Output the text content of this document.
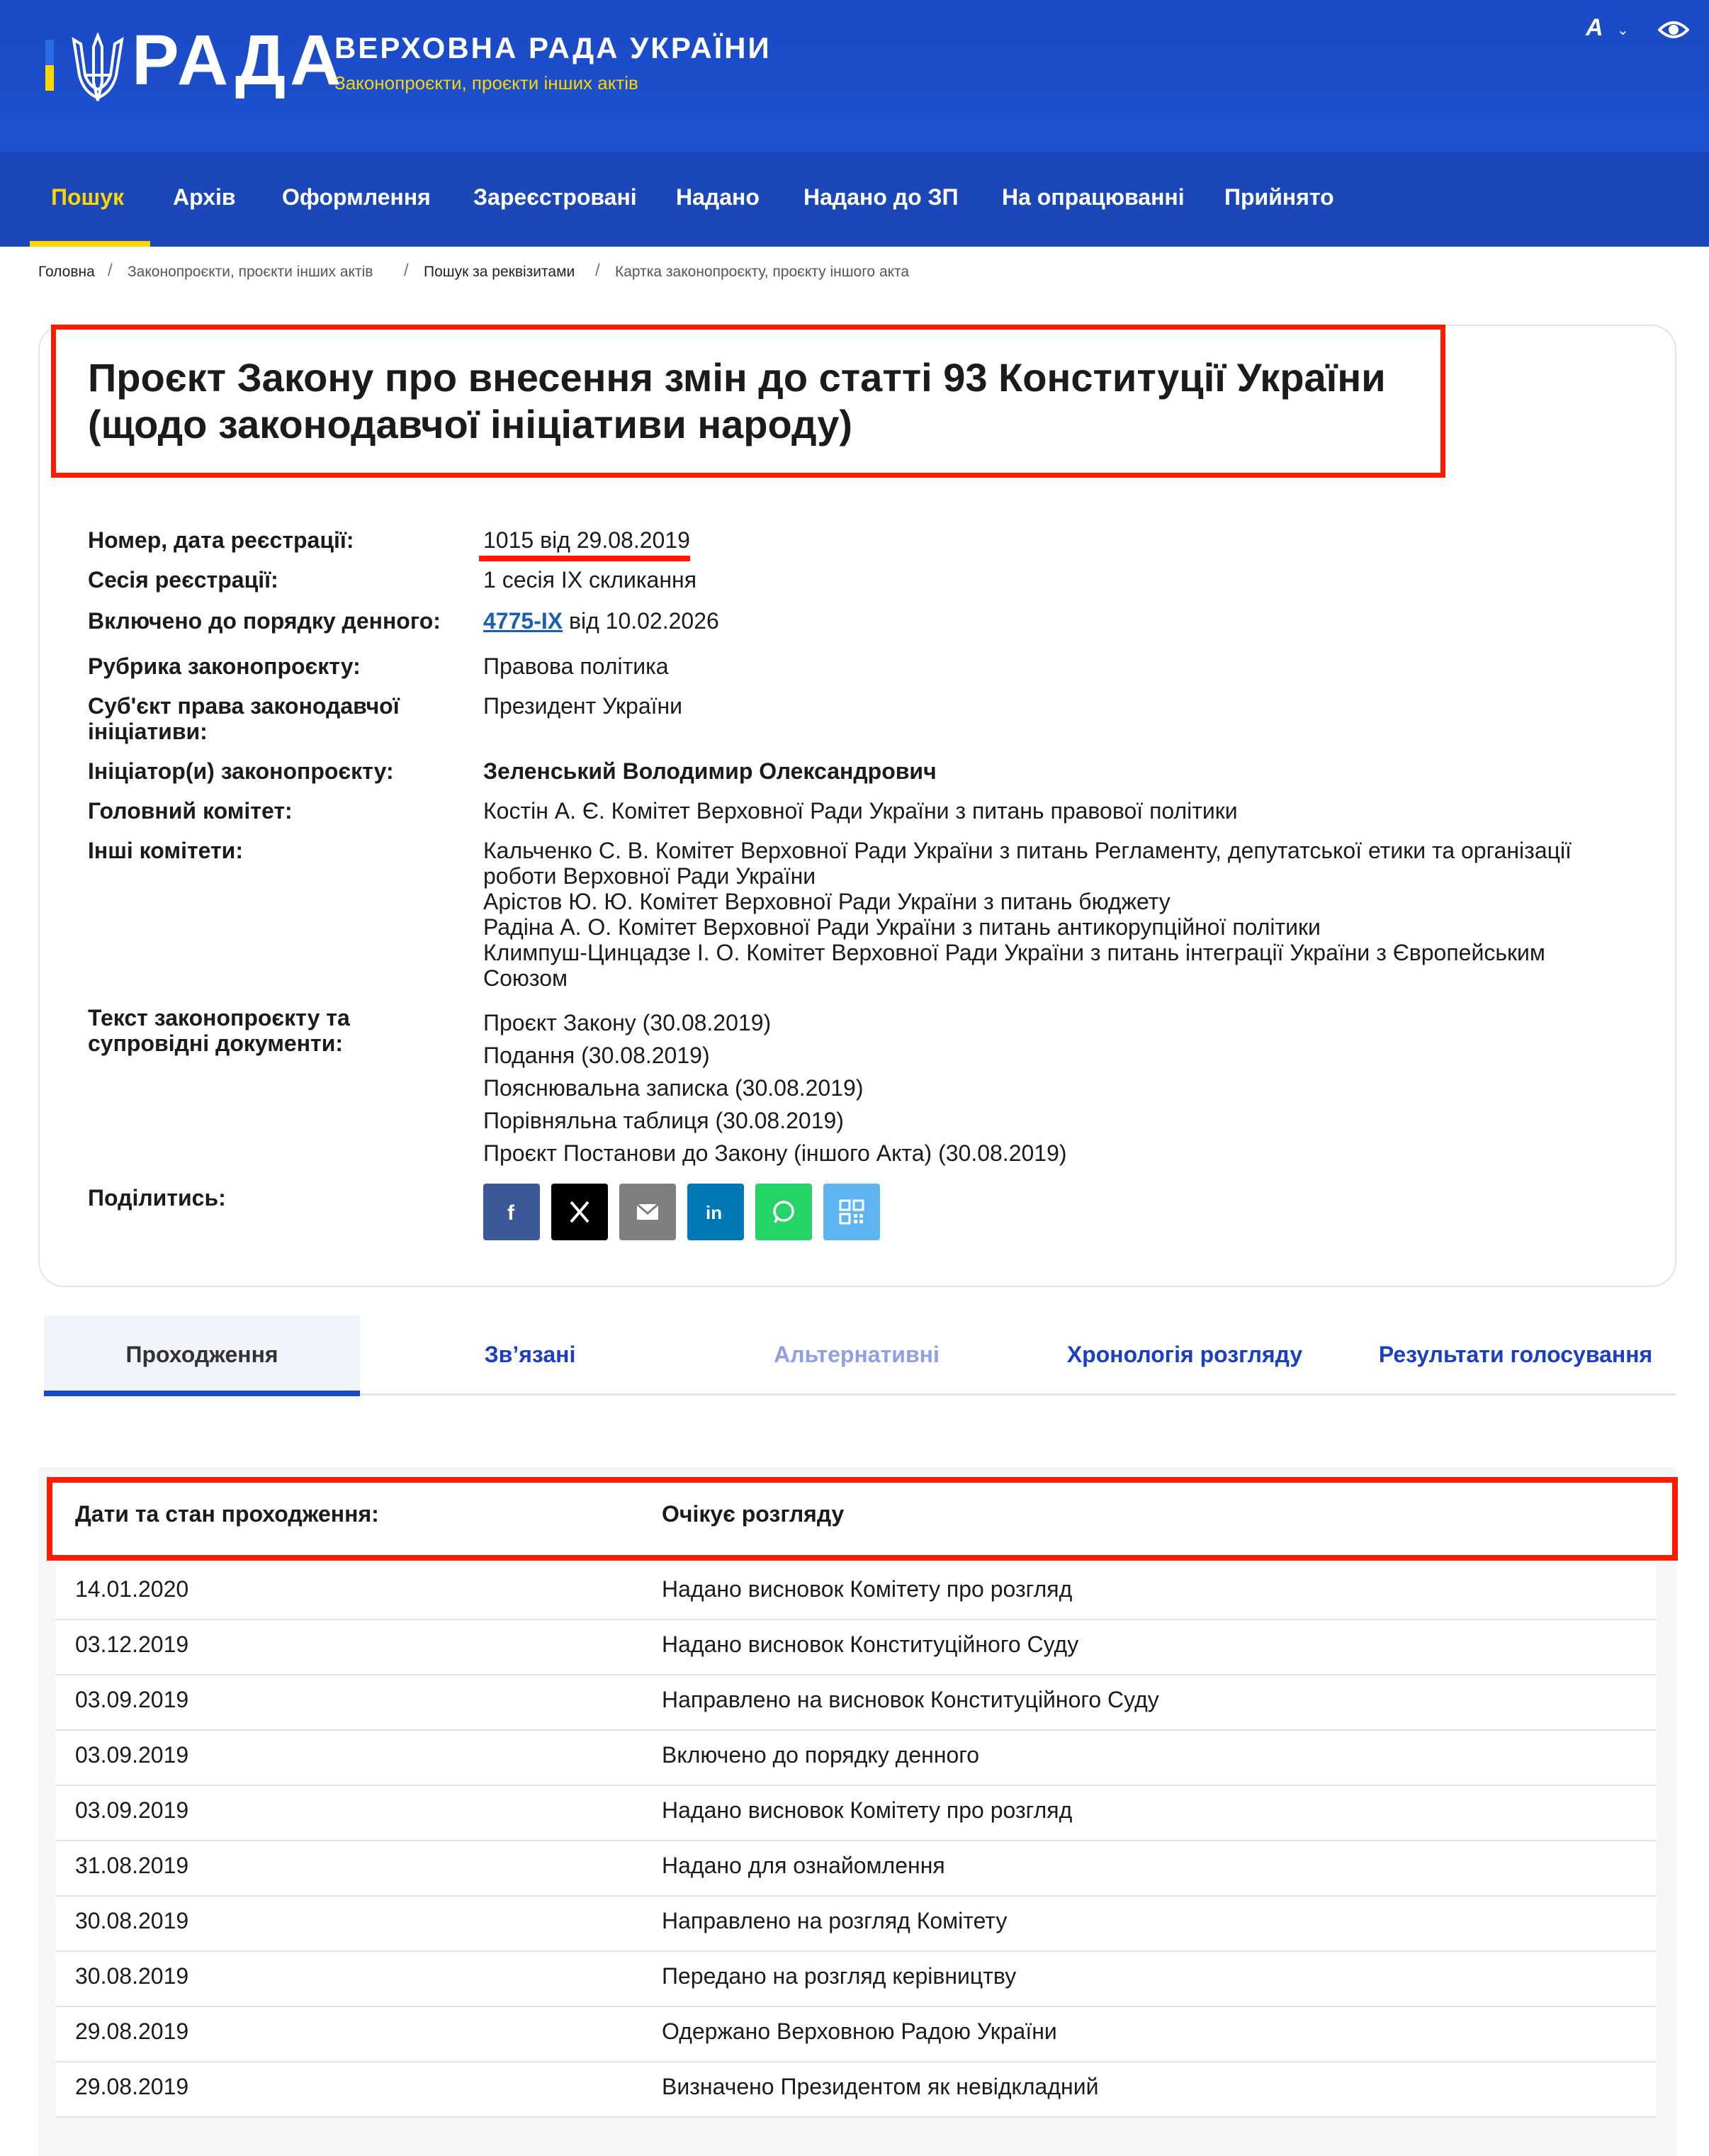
РАДА
ВЕРХОВНА РАДА УКРАЇНИ
Законопроєкти, проєкти інших актів
A ⌄
Пошук Архів Оформлення Зареєстровані Надано Надано до ЗП На опрацюванні Прийнято
Головна / Законопроєкти, проєкти інших актів / Пошук за реквізитами / Картка законопроєкту, проєкту іншого акта
Проєкт Закону про внесення змін до статті 93 Конституції України (щодо законодавчої ініціативи народу)
Номер, дата реєстрації:	1015 від 29.08.2019
Сесія реєстрації:	1 сесія IX скликання
Включено до порядку денного:	4775-IX від 10.02.2026
Рубрика законопроєкту:	Правова політика
Суб'єкт права законодавчої ініціативи:
Президент України
Ініціатор(и) законопроєкту:	Зеленський Володимир Олександрович
Головний комітет:	Костін А. Є. Комітет Верховної Ради України з питань правової політики
Інші комітети:	Кальченко С. В. Комітет Верховної Ради України з питань Регламенту, депутатської етики та організації роботи Верховної Ради України
Арістов Ю. Ю. Комітет Верховної Ради України з питань бюджету
Радіна А. О. Комітет Верховної Ради України з питань антикорупційної політики
Климпуш-Цинцадзе І. О. Комітет Верховної Ради України з питань інтеграції України з Європейським Союзом
Текст законопроєкту та супровідні документи:
Проєкт Закону (30.08.2019)
Подання (30.08.2019)
Пояснювальна записка (30.08.2019)
Порівняльна таблиця (30.08.2019)
Проєкт Постанови до Закону (іншого Акта) (30.08.2019)
Поділитись:
f	in
Проходження	Зв’язані	Альтернативні	Хронологія розгляду	Результати голосування
Дати та стан проходження:	Очікує розгляду
14.01.2020	Надано висновок Комітету про розгляд
03.12.2019	Надано висновок Конституційного Суду
03.09.2019	Направлено на висновок Конституційного Суду
03.09.2019	Включено до порядку денного
03.09.2019	Надано висновок Комітету про розгляд
31.08.2019	Надано для ознайомлення
30.08.2019	Направлено на розгляд Комітету
30.08.2019	Передано на розгляд керівництву
29.08.2019	Одержано Верховною Радою України
29.08.2019	Визначено Президентом як невідкладний
